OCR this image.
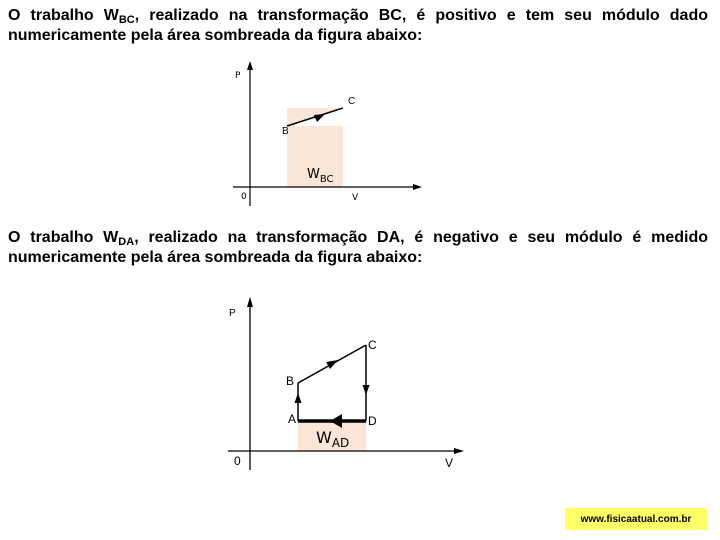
O trabalho $W_{BC}$, realizado na transformação BC, é positivo e tem seu módulo dado numericamente pela área sombreada da figura abaixo:

P
V
0
B
C
$W_{BC}$

O trabalho $W_{DA}$, realizado na transformação DA, é negativo e seu módulo é medido numericamente pela área sombreada da figura abaixo:

P
V
0
A
B
C
D
$W_{AD}$
www.fisicaatual.com.br
